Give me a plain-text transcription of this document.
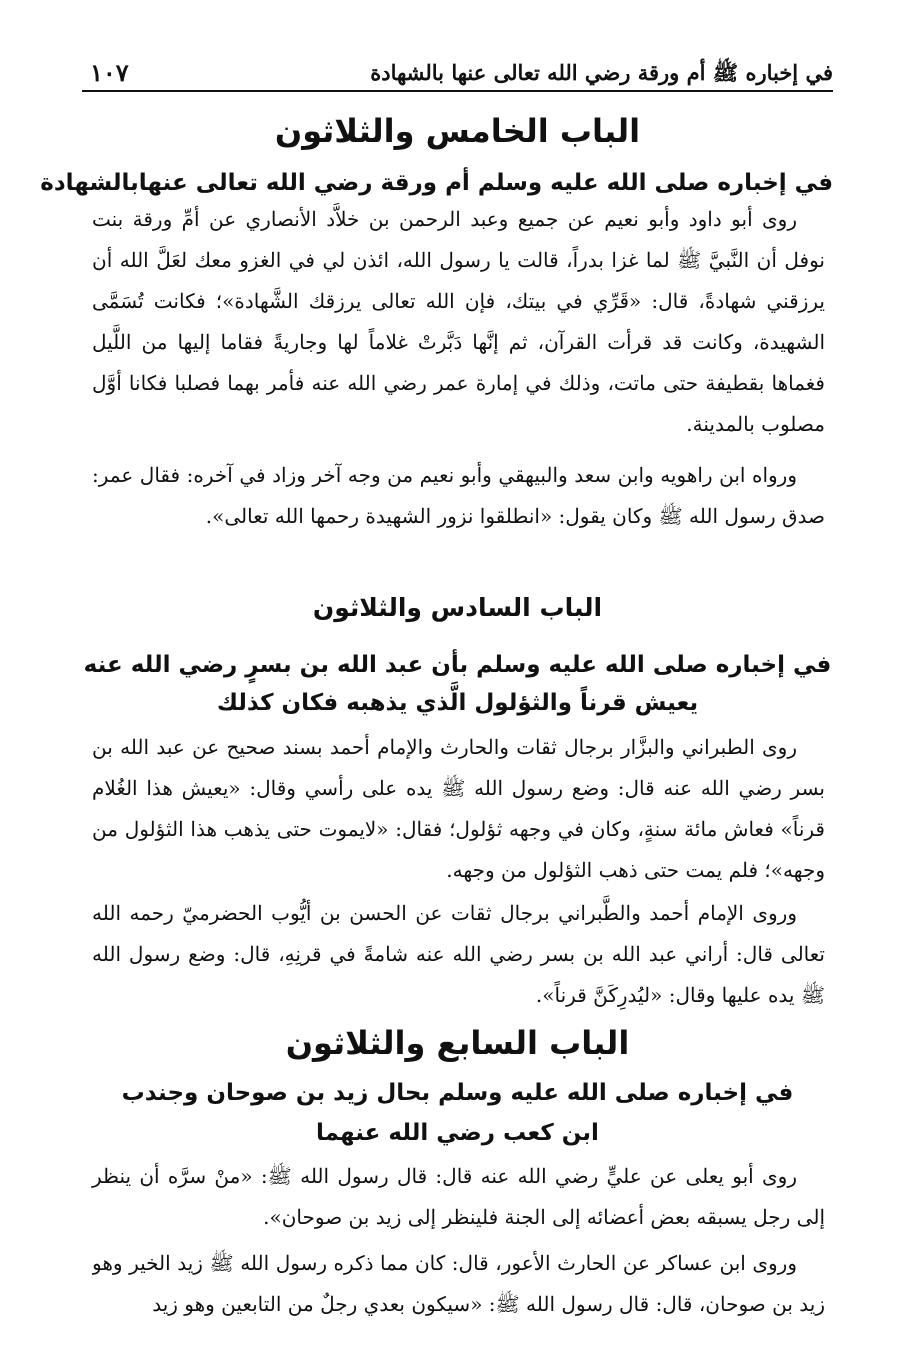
في إخباره ﷺ أم ورقة رضي الله تعالى عنها بالشهادة
١٠٧
الباب الخامس والثلاثون
في إخباره صلى الله عليه وسلم أم ورقة رضي الله تعالى عنهابالشهادة
روى أبو داود وأبو نعيم عن جميع وعبد الرحمن بن خلاَّد الأنصاري عن أمِّ ورقة بنت نوفل أن النَّبيَّ ﷺ لما غزا بدراً، قالت يا رسول الله، ائذن لي في الغزو معك لعَلَّ الله أن يرزقني شهادةً، قال: «قَرِّي في بيتك، فإن الله تعالى يرزقك الشَّهادة»؛ فكانت تُسَمَّى الشهيدة، وكانت قد قرأت القرآن، ثم إنَّها دَبَّرتْ غلاماً لها وجاريةً فقاما إليها من اللَّيل فغماها بقطيفة حتى ماتت، وذلك في إمارة عمر رضي الله عنه فأمر بهما فصلبا فكانا أوَّل مصلوب بالمدينة.
ورواه ابن راهويه وابن سعد والبيهقي وأبو نعيم من وجه آخر وزاد في آخره: فقال عمر: صدق رسول الله ﷺ وكان يقول: «انطلقوا نزور الشهيدة رحمها الله تعالى».
الباب السادس والثلاثون
في إخباره صلى الله عليه وسلم بأن عبد الله بن بسرٍ رضي الله عنه
يعيش قرناً والثؤلول الَّذي يذهبه فكان كذلك
روى الطبراني والبزَّار برجال ثقات والحارث والإمام أحمد بسند صحيح عن عبد الله بن بسر رضي الله عنه قال: وضع رسول الله ﷺ يده على رأسي وقال: «يعيش هذا الغُلام قرناً» فعاش مائة سنةٍ، وكان في وجهه ثؤلول؛ فقال: «لايموت حتى يذهب هذا الثؤلول من وجهه»؛ فلم يمت حتى ذهب الثؤلول من وجهه.
وروى الإمام أحمد والطَّبراني برجال ثقات عن الحسن بن أيُّوب الحضرميّ رحمه الله تعالى قال: أراني عبد الله بن بسر رضي الله عنه شامةً في قرنِهِ، قال: وضع رسول الله ﷺ يده عليها وقال: «ليُدرِكَنَّ قرناً».
الباب السابع والثلاثون
في إخباره صلى الله عليه وسلم بحال زيد بن صوحان وجندب
ابن كعب رضي الله عنهما
روى أبو يعلى عن عليٍّ رضي الله عنه قال: قال رسول الله ﷺ: «منْ سرَّه أن ينظر إلى رجل يسبقه بعض أعضائه إلى الجنة فلينظر إلى زيد بن صوحان».
وروى ابن عساكر عن الحارث الأعور، قال: كان مما ذكره رسول الله ﷺ زيد الخير وهو زيد بن صوحان، قال: قال رسول الله ﷺ: «سيكون بعدي رجلٌ من التابعين وهو زيد
